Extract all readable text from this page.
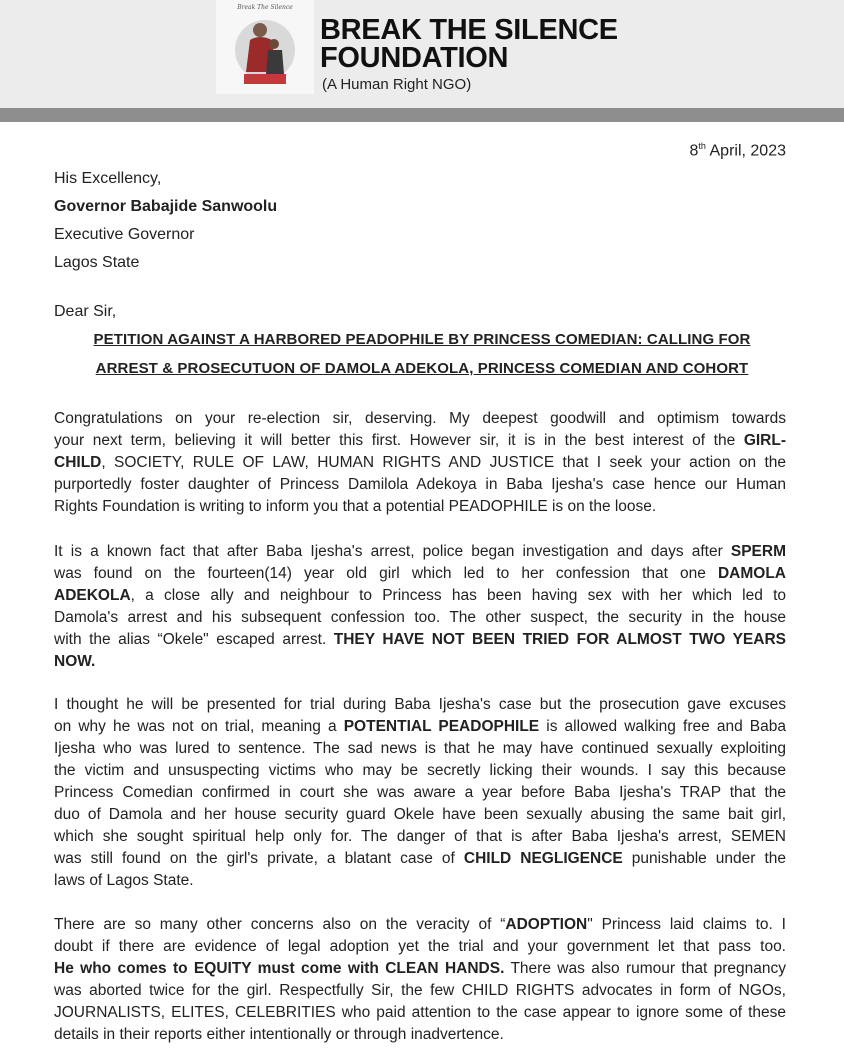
Break The Silence
BREAK THE SILENCE
FOUNDATION
(A Human Right NGO)
8th April, 2023
His Excellency,
Governor Babajide Sanwoolu
Executive Governor
Lagos State
Dear Sir,
PETITION AGAINST A HARBORED PEADOPHILE BY PRINCESS COMEDIAN: CALLING FOR
ARREST & PROSECUTUON OF DAMOLA ADEKOLA, PRINCESS COMEDIAN AND COHORT
Congratulations on your re-election sir, deserving. My deepest goodwill and optimism towards
your next term, believing it will better this first. However sir, it is in the best interest of the GIRL-
CHILD, SOCIETY, RULE OF LAW, HUMAN RIGHTS AND JUSTICE that I seek your action on the
purportedly foster daughter of Princess Damilola Adekoya in Baba Ijesha's case hence our Human
Rights Foundation is writing to inform you that a potential PEADOPHILE is on the loose.
It is a known fact that after Baba Ijesha's arrest, police began investigation and days after SPERM
was found on the fourteen(14) year old girl which led to her confession that one DAMOLA
ADEKOLA, a close ally and neighbour to Princess has been having sex with her which led to
Damola's arrest and his subsequent confession too. The other suspect, the security in the house
with the alias “Okele" escaped arrest. THEY HAVE NOT BEEN TRIED FOR ALMOST TWO YEARS
NOW.
I thought he will be presented for trial during Baba Ijesha's case but the prosecution gave excuses
on why he was not on trial, meaning a POTENTIAL PEADOPHILE is allowed walking free and Baba
Ijesha who was lured to sentence. The sad news is that he may have continued sexually exploiting
the victim and unsuspecting victims who may be secretly licking their wounds. I say this because
Princess Comedian confirmed in court she was aware a year before Baba Ijesha's TRAP that the
duo of Damola and her house security guard Okele have been sexually abusing the same bait girl,
which she sought spiritual help only for. The danger of that is after Baba Ijesha's arrest, SEMEN
was still found on the girl's private, a blatant case of CHILD NEGLIGENCE punishable under the
laws of Lagos State.
There are so many other concerns also on the veracity of “ADOPTION" Princess laid claims to. I
doubt if there are evidence of legal adoption yet the trial and your government let that pass too.
He who comes to EQUITY must come with CLEAN HANDS. There was also rumour that pregnancy
was aborted twice for the girl. Respectfully Sir, the few CHILD RIGHTS advocates in form of NGOs,
JOURNALISTS, ELITES, CELEBRITIES who paid attention to the case appear to ignore some of these
details in their reports either intentionally or through inadvertence.
